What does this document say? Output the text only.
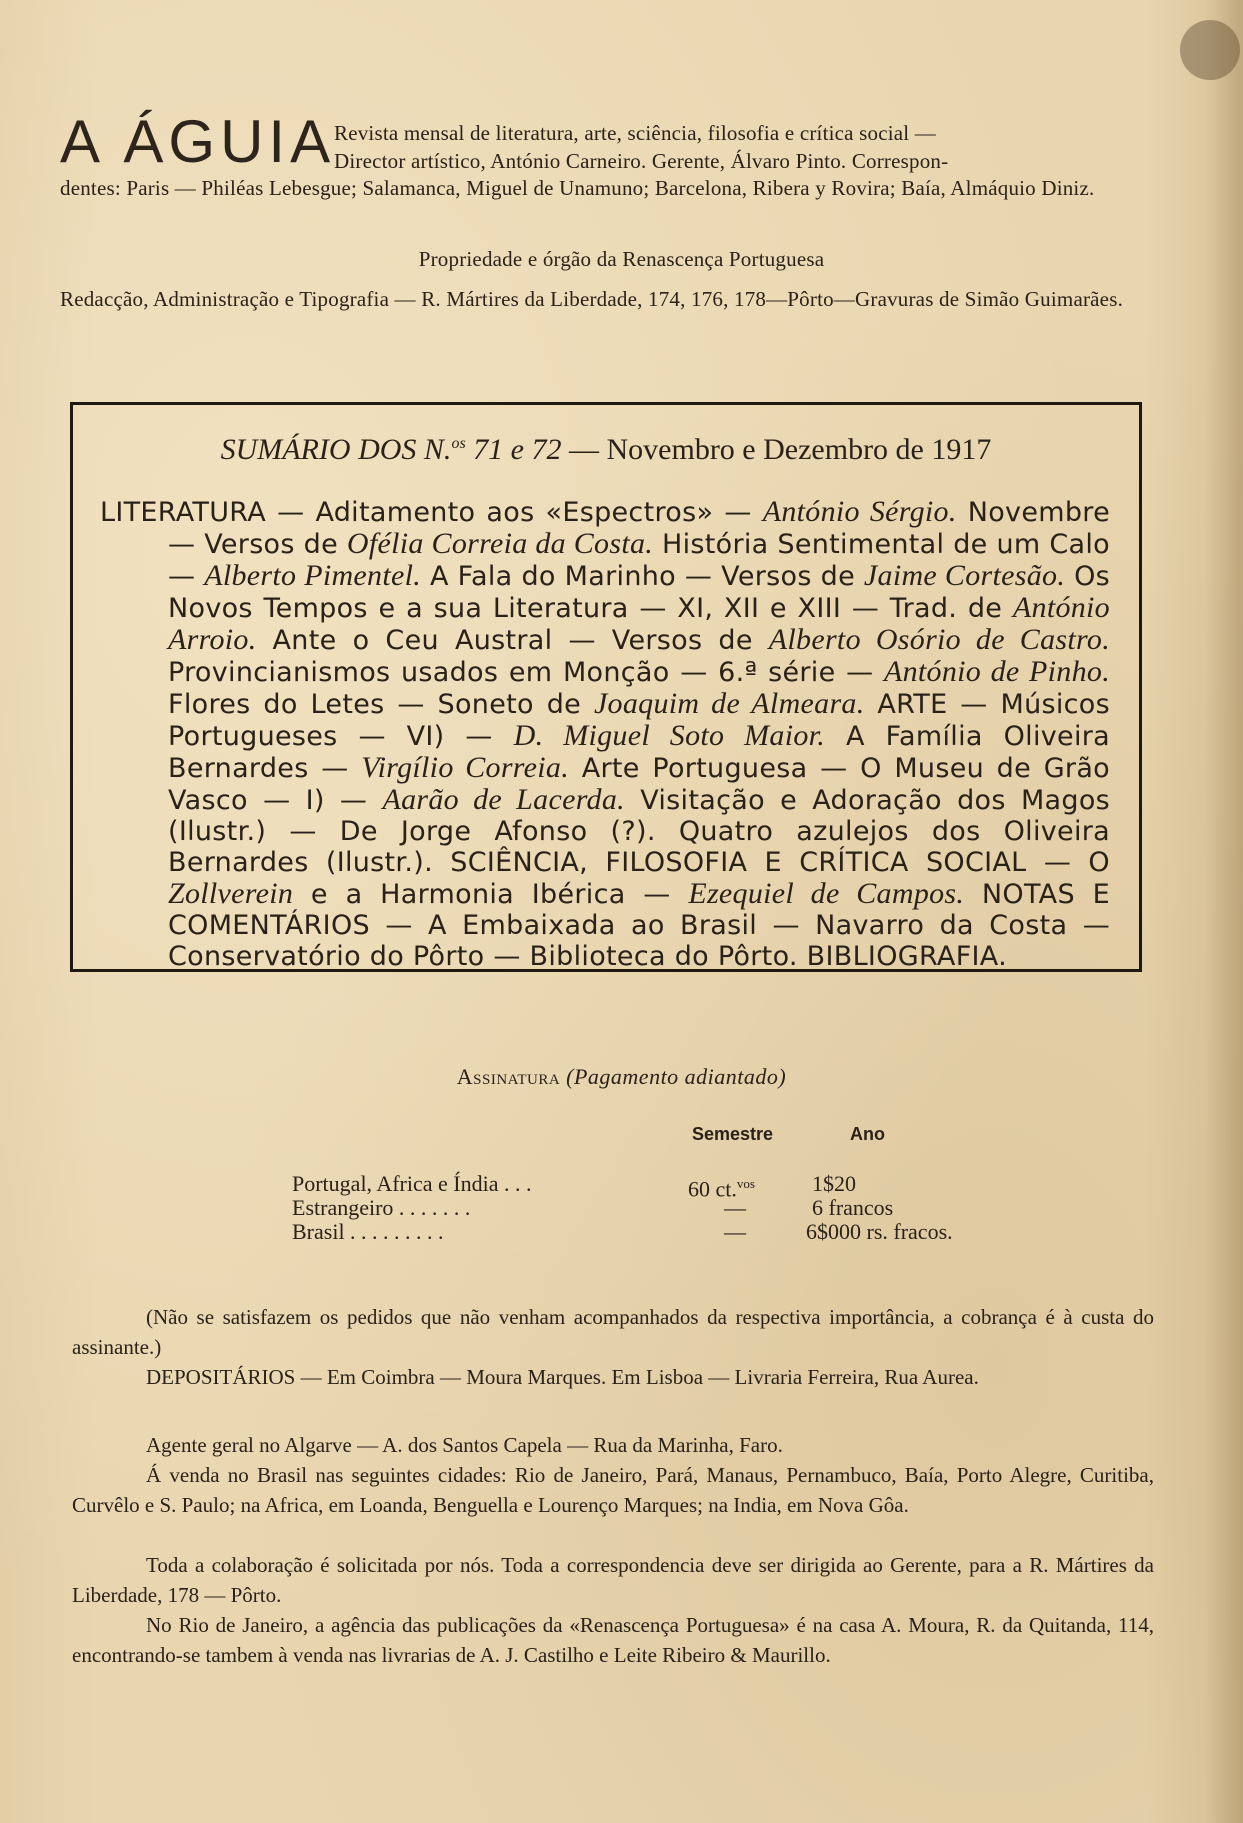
A ÁGUIA
Revista mensal de literatura, arte, sciência, filosofia e crítica social —
Director artístico, António Carneiro. Gerente, Álvaro Pinto. Correspon-
dentes: Paris — Philéas Lebesgue; Salamanca, Miguel de Unamuno; Barcelona, Ribera y Rovira; Baía, Almáquio Diniz.
Propriedade e órgão da Renascença Portuguesa
Redacção, Administração e Tipografia — R. Mártires da Liberdade, 174, 176, 178—Pôrto—Gravuras de Simão Guimarães.
SUMÁRIO DOS N.$^{os}$ 71 e 72 — Novembro e Dezembro de 1917
LITERATURA — Aditamento aos «Espectros» — António Sérgio. Novembre — Versos de Ofélia Correia da Costa. História Sentimental de um Calo — Alberto Pimentel. A Fala do Marinho — Versos de Jaime Cortesão. Os Novos Tempos e a sua Literatura — XI, XII e XIII — Trad. de António Arroio. Ante o Ceu Austral — Versos de Alberto Osório de Castro. Provincianismos usados em Monção — 6.ª série — António de Pinho. Flores do Letes — Soneto de Joaquim de Almeara. ARTE — Músicos Portugueses — VI) — D. Miguel Soto Maior. A Família Oliveira Bernardes — Virgílio Correia. Arte Portuguesa — O Museu de Grão Vasco — I) — Aarão de Lacerda. Visitação e Adoração dos Magos (Ilustr.) — De Jorge Afonso (?). Quatro azulejos dos Oliveira Bernardes (Ilustr.). SCIÊNCIA, FILOSOFIA E CRÍTICA SOCIAL — O Zollverein e a Harmonia Ibérica — Ezequiel de Campos. NOTAS E COMENTÁRIOS — A Embaixada ao Brasil — Navarro da Costa — Conservatório do Pôrto — Biblioteca do Pôrto. BIBLIOGRAFIA.
Assinatura (Pagamento adiantado)
Semestre	Ano
Portugal, Africa e Índia . . .	60 ct.$^{vos}$	1$20
Estrangeiro . . . . . . .	—	6 francos
Brasil . . . . . . . . .	—	6$000 rs. fracos.
(Não se satisfazem os pedidos que não venham acompanhados da respectiva importância, a cobrança é à custa do assinante.)
DEPOSITÁRIOS — Em Coimbra — Moura Marques. Em Lisboa — Livraria Ferreira, Rua Aurea.
Agente geral no Algarve — A. dos Santos Capela — Rua da Marinha, Faro.
Á venda no Brasil nas seguintes cidades: Rio de Janeiro, Pará, Manaus, Pernambuco, Baía, Porto Alegre, Curitiba, Curvêlo e S. Paulo; na Africa, em Loanda, Benguella e Lourenço Marques; na India, em Nova Gôa.
Toda a colaboração é solicitada por nós. Toda a correspondencia deve ser dirigida ao Gerente, para a R. Mártires da Liberdade, 178 — Pôrto.
No Rio de Janeiro, a agência das publicações da «Renascença Portuguesa» é na casa A. Moura, R. da Quitanda, 114, encontrando-se tambem à venda nas livrarias de A. J. Castilho e Leite Ribeiro & Maurillo.
